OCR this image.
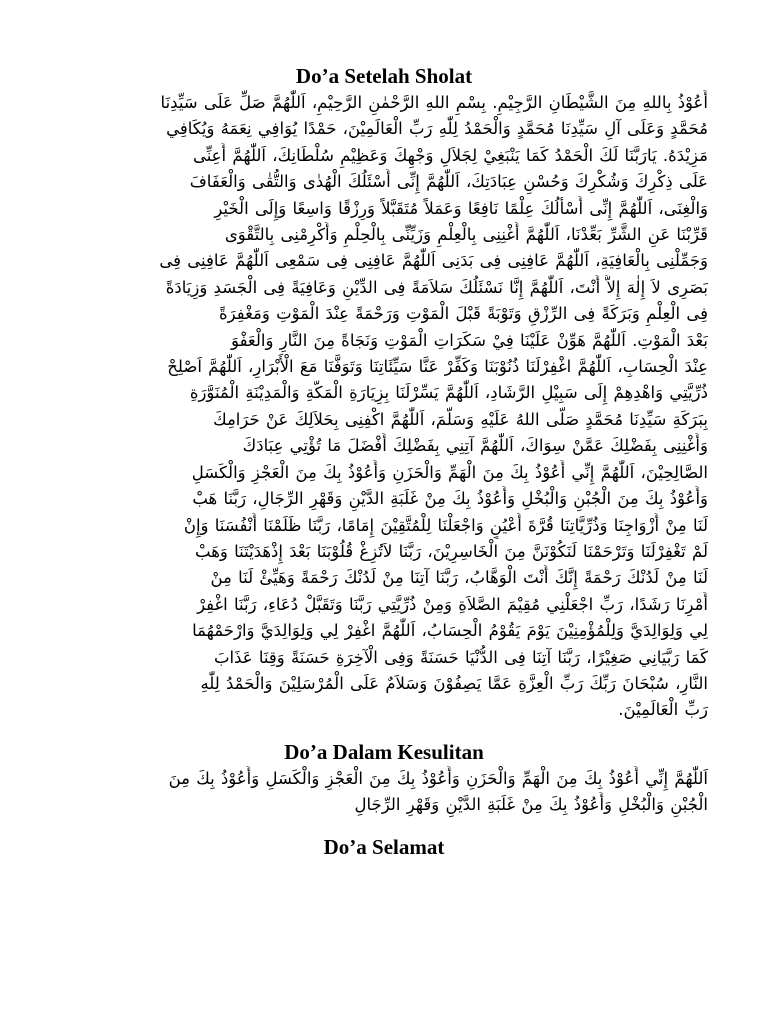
Do’a Setelah Sholat
أَعُوْذُ بِاللهِ مِنَ الشَّيْطَانِ الرَّجِيْمِ. بِسْمِ اللهِ الرَّحْمٰنِ الرَّحِيْمِ، اَللّٰهُمَّ صَلِّ عَلَى سَيِّدِنَا
مُحَمَّدٍ وَعَلَى آلِ سَيِّدِنَا مُحَمَّدٍ وَالْحَمْدُ لِلّٰهِ رَبِّ الْعَالَمِيْنَ، حَمْدًا يُوَافِي نِعَمَهُ وَيُكَافِي
مَزِيْدَهُ. يَارَبَّنَا لَكَ الْحَمْدُ كَمَا يَنْبَغِيْ لِجَلاَلِ وَجْهِكَ وَعَظِيْمِ سُلْطَانِكَ، اَللّٰهُمَّ أَعِنِّى
عَلَى ذِكْرِكَ وَشُكْرِكَ وَحُسْنِ عِبَادَتِكَ، اَللّٰهُمَّ إِنِّى أَسْئَلُكَ الْهُدٰى وَالتُّقٰى وَالْعَفَافَ
وَالْغِنَى، اَللّٰهُمَّ إِنِّى أَسْأَلُكَ عِلْمًا نَافِعًا وَعَمَلاً مُتَقَبَّلاً وَرِزْقًا وَاسِعًا وَإِلَى الْخَيْرِ
قَرِّبْنَا عَنِ الشَّرِّ بَعِّدْنَا، اَللّٰهُمَّ أَغْنِنِى بِالْعِلْمِ وَزَيِّنِّى بِالْحِلْمِ وَأَكْرِمْنِى بِالتَّقْوَى
وَجَمِّلْنِى بِالْعَافِيَةِ، اَللّٰهُمَّ عَافِنِى فِى بَدَنِى اَللّٰهُمَّ عَافِنِى فِى سَمْعِى اَللّٰهُمَّ عَافِنِى فِى
بَصَرِى لاَ إِلٰهَ إِلاَّ أَنْتَ، اَللّٰهُمَّ إِنَّا نَسْئَلُكَ سَلاَمَةً فِى الدِّيْنِ وَعَافِيَةً فِى الْجَسَدِ وَزِيَادَةً
فِى الْعِلْمِ وَبَرَكَةً فِى الرِّزْقِ وَتَوْبَةً قَبْلَ الْمَوْتِ وَرَحْمَةً عِنْدَ الْمَوْتِ وَمَغْفِرَةً
بَعْدَ الْمَوْتِ. اَللّٰهُمَّ هَوِّنْ عَلَيْنَا فِيْ سَكَرَاتِ الْمَوْتِ وَنَجَاةً مِنَ النَّارِ وَالْعَفْوَ
عِنْدَ الْحِسَابِ، اَللّٰهُمَّ اغْفِرْلَنَا ذُنُوْبَنَا وَكَفِّرْ عَنَّا سَيِّئَاتِنَا وَتَوَفَّنَا مَعَ الْأَبْرَارِ، اَللّٰهُمَّ اَصْلِحْ
ذُرِّيَّتِي وَاهْدِهِمْ إِلَى سَبِيْلِ الرَّشَادِ، اَللّٰهُمَّ يَسِّرْلَنَا بِزِيَارَةِ الْمَكَّةِ وَالْمَدِيْنَةِ الْمُنَوَّرَةِ
بِبَرَكَةِ سَيِّدِنَا مُحَمَّدٍ صَلَّى اللهُ عَلَيْهِ وَسَلَّمَ، اَللّٰهُمَّ اكْفِنِى بِحَلاَلِكَ عَنْ حَرَامِكَ
وَأَغْنِنِى بِفَضْلِكَ عَمَّنْ سِوَاكَ، اَللّٰهُمَّ آتِنِي بِفَضْلِكَ أَفْضَلَ مَا تُؤْتِي عِبَادَكَ
الصَّالِحِيْنَ، اَللّٰهُمَّ إِنِّي أَعُوْذُ بِكَ مِنَ الْهَمِّ وَالْحَزَنِ وَأَعُوْذُ بِكَ مِنَ الْعَجْزِ وَالْكَسَلِ
وَأَعُوْذُ بِكَ مِنَ الْجُبْنِ وَالْبُخْلِ وَأَعُوْذُ بِكَ مِنْ غَلَبَةِ الدَّيْنِ وَقَهْرِ الرِّجَالِ، رَبَّنَا هَبْ
لَنَا مِنْ أَزْوَاجِنَا وَذُرِّيَّاتِنَا قُرَّةَ أَعْيُنٍ وَاجْعَلْنَا لِلْمُتَّقِيْنَ إِمَامًا، رَبَّنَا ظَلَمْنَا أَنْفُسَنَا وَإِنْ
لَمْ تَغْفِرْلَنَا وَتَرْحَمْنَا لَنَكُوْنَنَّ مِنَ الْخَاسِرِيْنَ، رَبَّنَا لاَتُزِغْ قُلُوْبَنَا بَعْدَ إِذْهَدَيْتَنَا وَهَبْ
لَنَا مِنْ لَدُنْكَ رَحْمَةً إِنَّكَ أَنْتَ الْوَهَّابُ، رَبَّنَا آتِنَا مِنْ لَدُنْكَ رَحْمَةً وَهَيِّئْ لَنَا مِنْ
أَمْرِنَا رَشَدًا، رَبِّ اجْعَلْنِي مُقِيْمَ الصَّلاَةِ وَمِنْ ذُرِّيَّتِي رَبَّنَا وَتَقَبَّلْ دُعَاءِ، رَبَّنَا اغْفِرْ
لِي وَلِوَالِدَيَّ وَلِلْمُؤْمِنِيْنَ يَوْمَ يَقُوْمُ الْحِسَابُ، اَللّٰهُمَّ اغْفِرْ لِي وَلِوَالِدَيَّ وَارْحَمْهُمَا
كَمَا رَبَّيَانِي صَغِيْرًا، رَبَّنَا آتِنَا فِى الدُّنْيَا حَسَنَةً وَفِى الْآخِرَةِ حَسَنَةً وَقِنَا عَذَابَ
النَّارِ، سُبْحَانَ رَبِّكَ رَبِّ الْعِزَّةِ عَمَّا يَصِفُوْنَ وَسَلاَمٌ عَلَى الْمُرْسَلِيْنَ وَالْحَمْدُ لِلّٰهِ
رَبِّ الْعَالَمِيْنَ.
Do’a Dalam Kesulitan
اَللّٰهُمَّ إِنِّي أَعُوْذُ بِكَ مِنَ الْهَمِّ وَالْحَزَنِ وَأَعُوْذُ بِكَ مِنَ الْعَجْزِ وَالْكَسَلِ وَأَعُوْذُ بِكَ مِنَ
الْجُبْنِ وَالْبُخْلِ وَأَعُوْذُ بِكَ مِنْ غَلَبَةِ الدَّيْنِ وَقَهْرِ الرِّجَالِ
Do’a Selamat
